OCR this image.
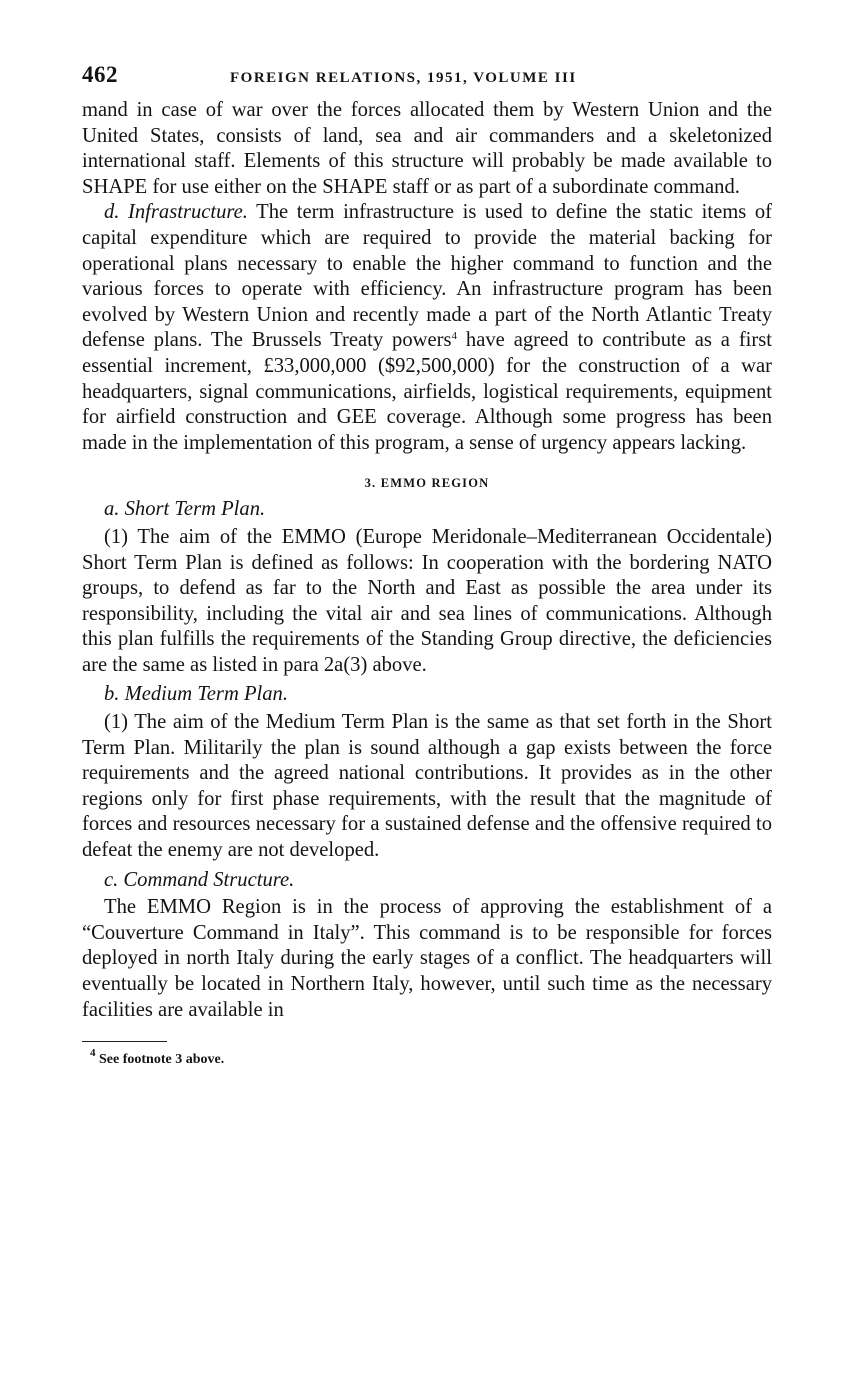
462	FOREIGN RELATIONS, 1951, VOLUME III

mand in case of war over the forces allocated them by Western Union and the United States, consists of land, sea and air commanders and a skeletonized international staff. Elements of this structure will probably be made available to SHAPE for use either on the SHAPE staff or as part of a subordinate command.

d. Infrastructure. The term infrastructure is used to define the static items of capital expenditure which are required to provide the material backing for operational plans necessary to enable the higher command to function and the various forces to operate with efficiency. An infrastructure program has been evolved by Western Union and recently made a part of the North Atlantic Treaty defense plans. The Brussels Treaty powers$^4$ have agreed to contribute as a first essential increment, £33,000,000 ($92,500,000) for the construction of a war headquarters, signal communications, airfields, logistical requirements, equipment for airfield construction and GEE coverage. Although some progress has been made in the implementation of this program, a sense of urgency appears lacking.

3. EMMO REGION
a. Short Term Plan.

(1) The aim of the EMMO (Europe Meridonale–Mediterranean Occidentale) Short Term Plan is defined as follows: In cooperation with the bordering NATO groups, to defend as far to the North and East as possible the area under its responsibility, including the vital air and sea lines of communications. Although this plan fulfills the requirements of the Standing Group directive, the deficiencies are the same as listed in para 2a(3) above.

b. Medium Term Plan.

(1) The aim of the Medium Term Plan is the same as that set forth in the Short Term Plan. Militarily the plan is sound although a gap exists between the force requirements and the agreed national contributions. It provides as in the other regions only for first phase requirements, with the result that the magnitude of forces and resources necessary for a sustained defense and the offensive required to defeat the enemy are not developed.

c. Command Structure.

The EMMO Region is in the process of approving the establishment of a “Couverture Command in Italy”. This command is to be responsible for forces deployed in north Italy during the early stages of a conflict. The headquarters will eventually be located in Northern Italy, however, until such time as the necessary facilities are available in

$^4$ See footnote 3 above.
